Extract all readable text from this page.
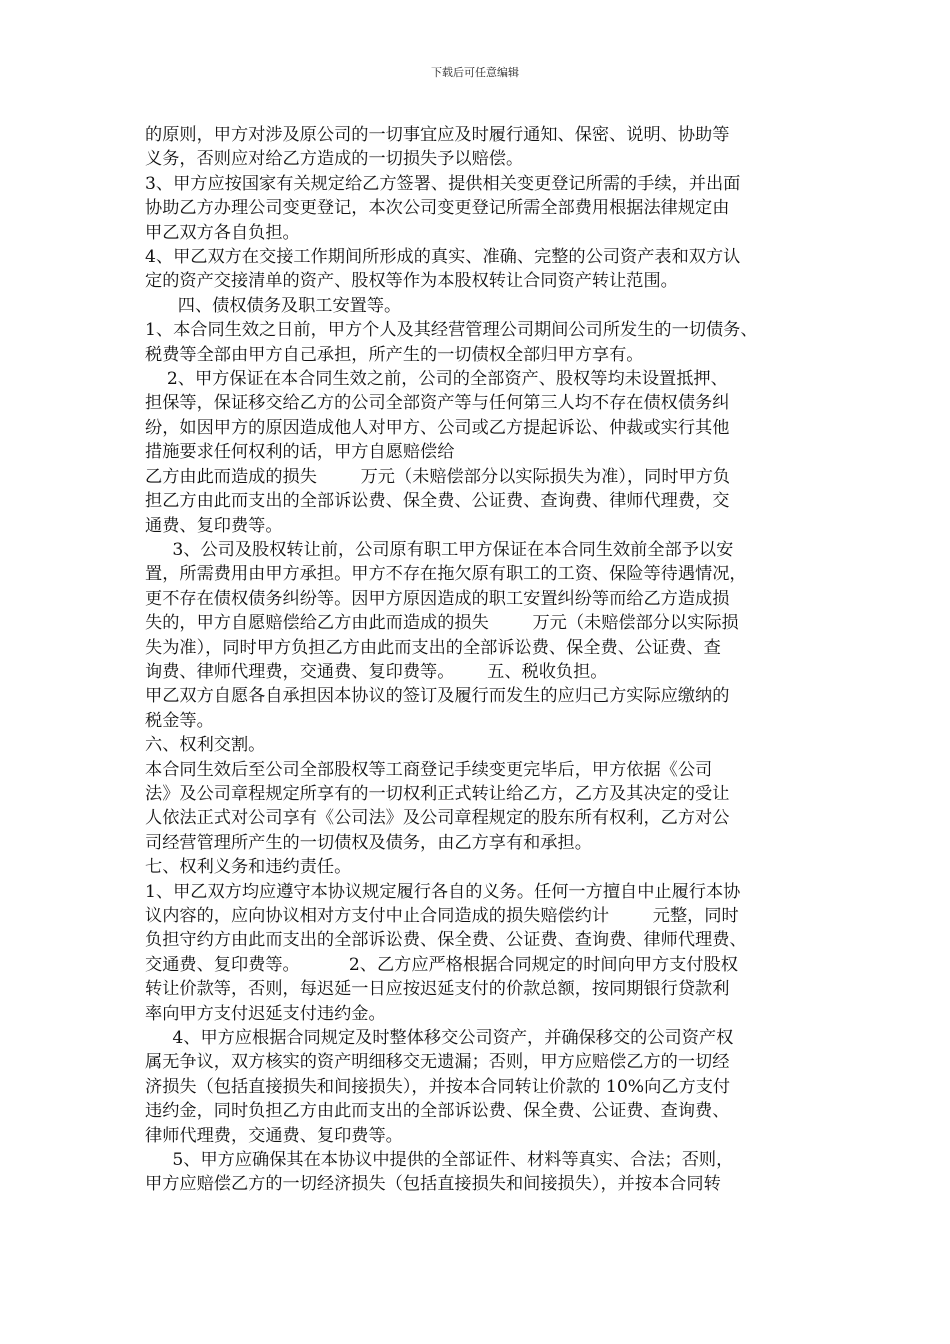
下载后可任意编辑
的原则，甲方对涉及原公司的一切事宜应及时履行通知、保密、说明、协助等
义务，否则应对给乙方造成的一切损失予以赔偿。
3、甲方应按国家有关规定给乙方签署、提供相关变更登记所需的手续，并出面
协助乙方办理公司变更登记，本次公司变更登记所需全部费用根据法律规定由
甲乙双方各自负担。
4、甲乙双方在交接工作期间所形成的真实、准确、完整的公司资产表和双方认
定的资产交接清单的资产、股权等作为本股权转让合同资产转让范围。
四、债权债务及职工安置等。
1、本合同生效之日前，甲方个人及其经营管理公司期间公司所发生的一切债务、
税费等全部由甲方自己承担，所产生的一切债权全部归甲方享有。
2、甲方保证在本合同生效之前，公司的全部资产、股权等均未设置抵押、
担保等，保证移交给乙方的公司全部资产等与任何第三人均不存在债权债务纠
纷，如因甲方的原因造成他人对甲方、公司或乙方提起诉讼、仲裁或实行其他
措施要求任何权利的话，甲方自愿赔偿给
乙方由此而造成的损失        万元（未赔偿部分以实际损失为准），同时甲方负
担乙方由此而支出的全部诉讼费、保全费、公证费、查询费、律师代理费，交
通费、复印费等。
3、公司及股权转让前，公司原有职工甲方保证在本合同生效前全部予以安
置，所需费用由甲方承担。甲方不存在拖欠原有职工的工资、保险等待遇情况，
更不存在债权债务纠纷等。因甲方原因造成的职工安置纠纷等而给乙方造成损
失的，甲方自愿赔偿给乙方由此而造成的损失        万元（未赔偿部分以实际损
失为准），同时甲方负担乙方由此而支出的全部诉讼费、保全费、公证费、查
询费、律师代理费，交通费、复印费等。      五、税收负担。
甲乙双方自愿各自承担因本协议的签订及履行而发生的应归己方实际应缴纳的
税金等。
六、权利交割。
本合同生效后至公司全部股权等工商登记手续变更完毕后，甲方依据《公司
法》及公司章程规定所享有的一切权利正式转让给乙方，乙方及其决定的受让
人依法正式对公司享有《公司法》及公司章程规定的股东所有权利，乙方对公
司经营管理所产生的一切债权及债务，由乙方享有和承担。
七、权利义务和违约责任。
1、甲乙双方均应遵守本协议规定履行各自的义务。任何一方擅自中止履行本协
议内容的，应向协议相对方支付中止合同造成的损失赔偿约计        元整，同时
负担守约方由此而支出的全部诉讼费、保全费、公证费、查询费、律师代理费、
交通费、复印费等。         2、乙方应严格根据合同规定的时间向甲方支付股权
转让价款等，否则，每迟延一日应按迟延支付的价款总额，按同期银行贷款利
率向甲方支付迟延支付违约金。
4、甲方应根据合同规定及时整体移交公司资产，并确保移交的公司资产权
属无争议，双方核实的资产明细移交无遗漏；否则，甲方应赔偿乙方的一切经
济损失（包括直接损失和间接损失），并按本合同转让价款的 10%向乙方支付
违约金，同时负担乙方由此而支出的全部诉讼费、保全费、公证费、查询费、
律师代理费，交通费、复印费等。
5、甲方应确保其在本协议中提供的全部证件、材料等真实、合法；否则，
甲方应赔偿乙方的一切经济损失（包括直接损失和间接损失），并按本合同转
